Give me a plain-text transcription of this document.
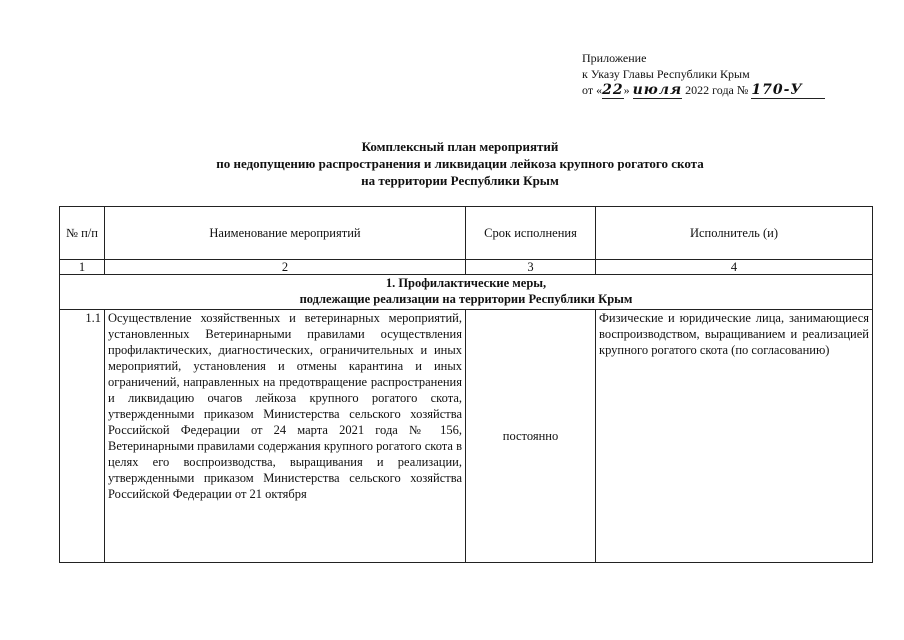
Приложение
к Указу Главы Республики Крым
от «22» июля 2022 года № 170-У
Комплексный план мероприятий
по недопущению распространения и ликвидации лейкоза крупного рогатого скота
на территории Республики Крым
№ п/п	Наименование мероприятий	Срок исполнения	Исполнитель (и)
1	2	3	4

1. Профилактические меры,
подлежащие реализации на территории Республики Крым			

1.1	Осуществление хозяйственных и ветеринарных мероприятий, установленных Ветеринарными правилами осуществления профилактических, диагностических, ограничительных и иных мероприятий, установления и отмены карантина и иных ограничений, направленных на предотвращение распространения и ликвидацию очагов лейкоза крупного рогатого скота, утвержденными приказом Министерства сельского хозяйства Российской Федерации от 24 марта 2021 года № 156, Ветеринарными правилами содержания крупного рогатого скота в целях его воспроизводства, выращивания и реализации, утвержденными приказом Министерства сельского хозяйства Российской Федерации от 21 октября	постоянно	Физические и юридические лица, занимающиеся воспроизводством, выращиванием и реализацией крупного рогатого скота (по согласованию)
